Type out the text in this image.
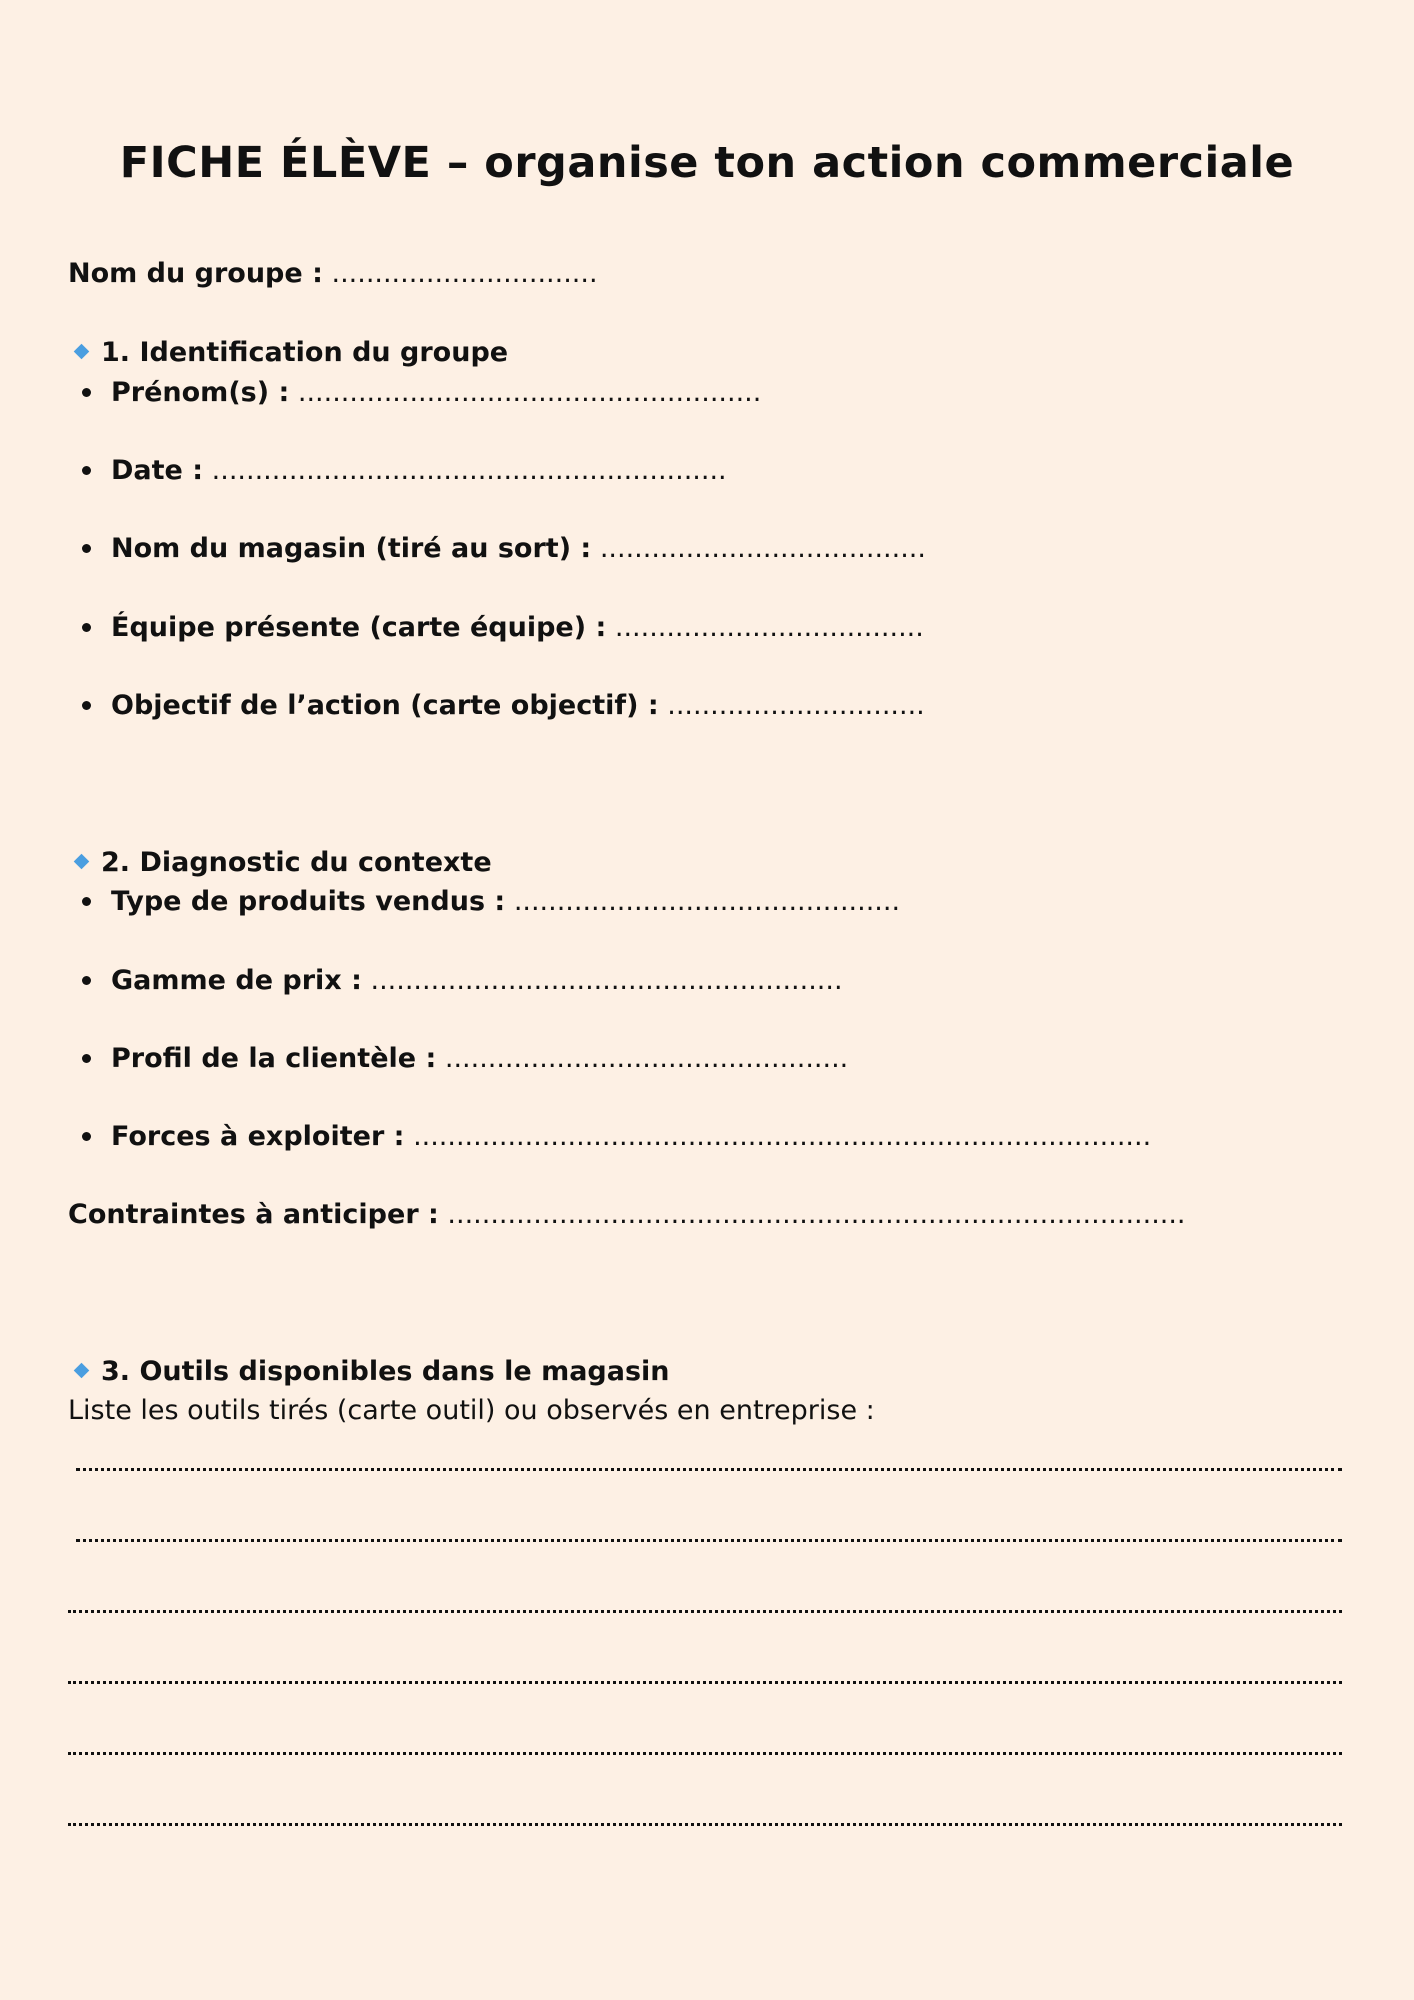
FICHE ÉLÈVE – organise ton action commerciale
Nom du groupe : ...............................
1. Identification du groupe
Prénom(s) : ......................................................
Date : ............................................................
Nom du magasin (tiré au sort) : ......................................
Équipe présente (carte équipe) : ....................................
Objectif de l’action (carte objectif) : ..............................
2. Diagnostic du contexte
Type de produits vendus : .............................................
Gamme de prix : .......................................................
Profil de la clientèle : ...............................................
Forces à exploiter : ......................................................................................
Contraintes à anticiper : ......................................................................................
3. Outils disponibles dans le magasin
Liste les outils tirés (carte outil) ou observés en entreprise :
